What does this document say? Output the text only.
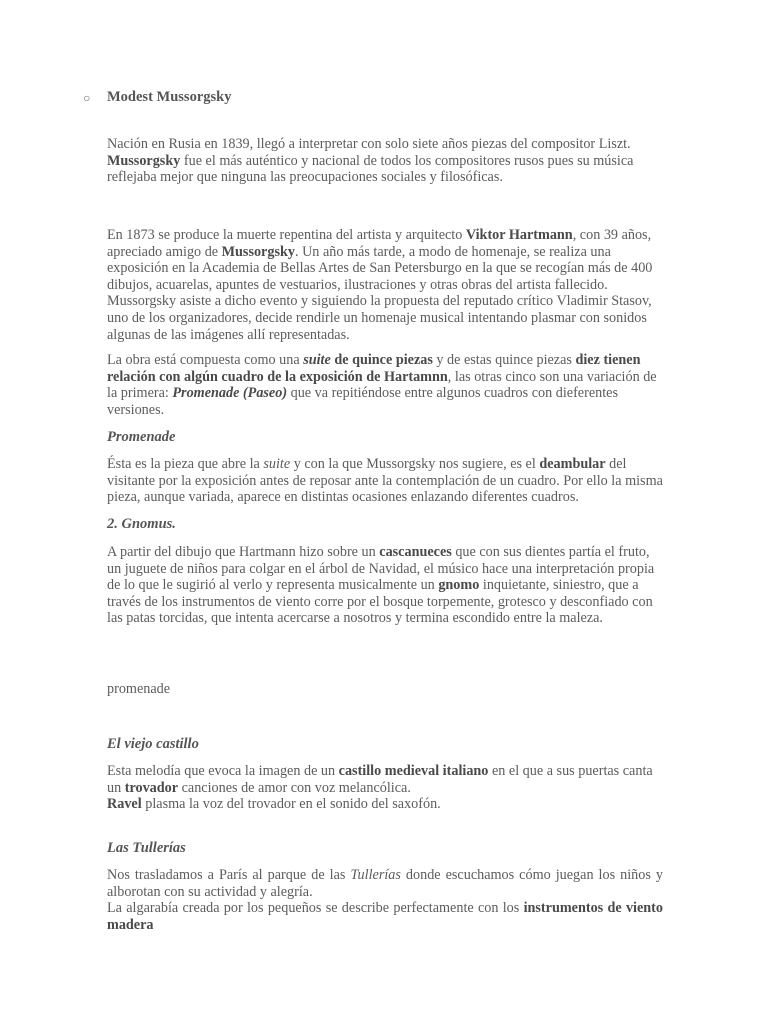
○ Modest Mussorgsky

Nación en Rusia en 1839, llegó a interpretar con solo siete años piezas del compositor Liszt.

Mussorgsky fue el más auténtico y nacional de todos los compositores rusos pues su música

reflejaba mejor que ninguna las preocupaciones sociales y filosóficas.

En 1873 se produce la muerte repentina del artista y arquitecto Viktor Hartmann, con 39 años, apreciado amigo de Mussorgsky. Un año más tarde, a modo de homenaje, se realiza una exposición en la Academia de Bellas Artes de San Petersburgo en la que se recogían más de 400 dibujos, acuarelas, apuntes de vestuarios, ilustraciones y otras obras del artista fallecido. Mussorgsky asiste a dicho evento y siguiendo la propuesta del reputado crítico Vladimir Stasov, uno de los organizadores, decide rendirle un homenaje musical intentando plasmar con sonidos algunas de las imágenes allí representadas.

La obra está compuesta como una suite de quince piezas y de estas quince piezas diez tienen relación con algún cuadro de la exposición de Hartamnn, las otras cinco son una variación de la primera: Promenade (Paseo) que va repitiéndose entre algunos cuadros con dieferentes versiones.

Promenade

Ésta es la pieza que abre la suite y con la que Mussorgsky nos sugiere, es el deambular del visitante por la exposición antes de reposar ante la contemplación de un cuadro. Por ello la misma pieza, aunque variada, aparece en distintas ocasiones enlazando diferentes cuadros.

2. Gnomus.

A partir del dibujo que Hartmann hizo sobre un cascanueces que con sus dientes partía el fruto, un juguete de niños para colgar en el árbol de Navidad, el músico hace una interpretación propia de lo que le sugirió al verlo y representa musicalmente un gnomo inquietante, siniestro, que a través de los instrumentos de viento corre por el bosque torpemente, grotesco y desconfiado con las patas torcidas, que intenta acercarse a nosotros y termina escondido entre la maleza.

promenade
El viejo castillo

Esta melodía que evoca la imagen de un castillo medieval italiano en el que a sus puertas canta un trovador canciones de amor con voz melancólica.

Ravel plasma la voz del trovador en el sonido del saxofón.

Las Tullerías

Nos trasladamos a París al parque de las Tullerías donde escuchamos cómo juegan los niños y alborotan con su actividad y alegría.

La algarabía creada por los pequeños se describe perfectamente con los instrumentos de viento madera
